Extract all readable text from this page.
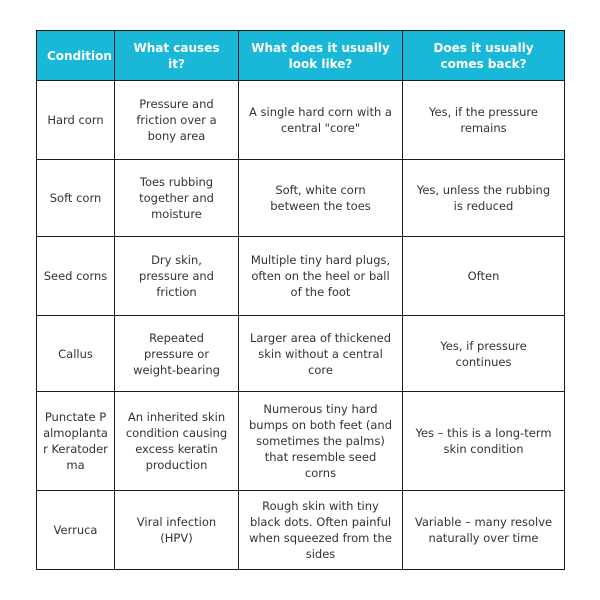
Condition	What causes it?	What does it usually look like?	Does it usually comes back?
Hard corn	Pressure and friction over a bony area	A single hard corn with a central "core"	Yes, if the pressure remains
Soft corn	Toes rubbing together and moisture	Soft, white corn between the toes	Yes, unless the rubbing is reduced
Seed corns	Dry skin, pressure and friction	Multiple tiny hard plugs, often on the heel or ball of the foot	Often
Callus	Repeated pressure or weight-bearing	Larger area of thickened skin without a central core	Yes, if pressure continues
Punctate Palmoplantar Keratoderma	An inherited skin condition causing excess keratin production	Numerous tiny hard bumps on both feet (and sometimes the palms) that resemble seed corns	Yes – this is a long-term skin condition
Verruca	Viral infection (HPV)	Rough skin with tiny black dots. Often painful when squeezed from the sides	Variable – many resolve naturally over time
